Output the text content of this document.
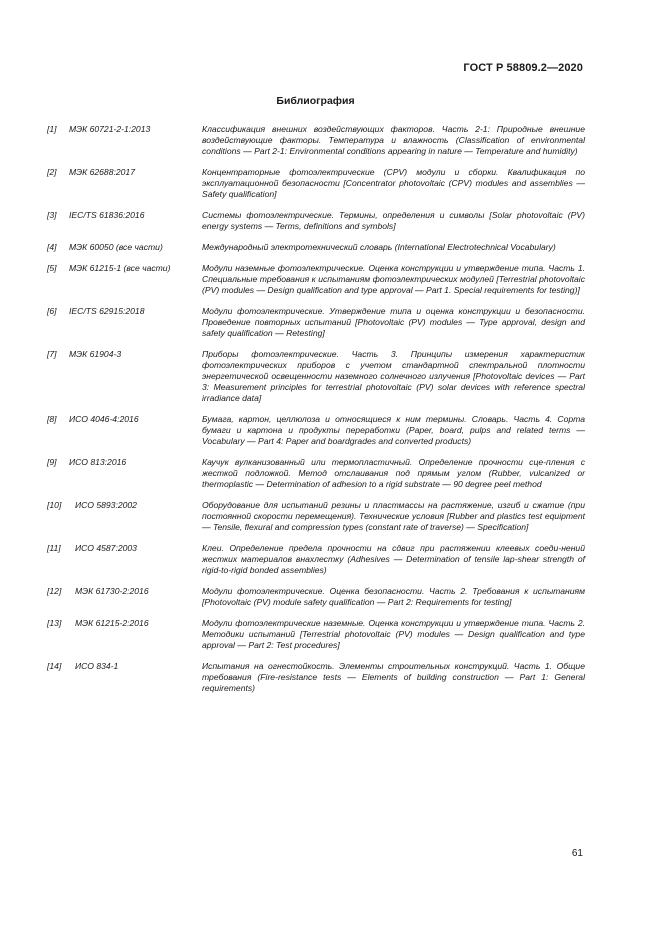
ГОСТ Р 58809.2—2020
Библиография
[1] МЭК 60721-2-1:2013	Классификация внешних воздействующих факторов. Часть 2-1: Природные внешние воздействующие факторы. Температура и влажность (Classification of environmental conditions — Part 2-1: Environmental conditions appearing in nature — Temperature and humidity)
[2] МЭК 62688:2017	Концентраторные фотоэлектрические (CPV) модули и сборки. Квалификация по эксплуатационной безопасности [Concentrator photovoltaic (CPV) modules and assemblies — Safety qualification]
[3] IEC/TS 61836:2016	Системы фотоэлектрические. Термины, определения и символы [Solar photovoltaic (PV) energy systems — Terms, definitions and symbols]
[4] МЭК 60050 (все части)	Международный электротехнический словарь (International Electrotechnical Vocabulary)
[5] МЭК 61215-1 (все части)	Модули наземные фотоэлектрические. Оценка конструкции и утверждение типа. Часть 1. Специальные требования к испытаниям фотоэлектрических модулей [Terrestrial photovoltaic (PV) modules — Design qualification and type approval — Part 1. Special requirements for testing)]
[6] IEC/TS 62915:2018	Модули фотоэлектрические. Утверждение типа и оценка конструкции и безопасности. Проведение повторных испытаний [Photovoltaic (PV) modules — Type approval, design and safety qualification — Retesting]
[7] МЭК 61904-3	Приборы фотоэлектрические. Часть 3. Принципы измерения характеристик фотоэлектрических приборов с учетом стандартной спектральной плотности энергетической освещенности наземного солнечного излучения [Photovoltaic devices — Part 3: Measurement principles for terrestrial photovoltaic (PV) solar devices with reference spectral irradiance data]
[8] ИСО 4046-4:2016	Бумага, картон, целлюлоза и относящиеся к ним термины. Словарь. Часть 4. Сорта бумаги и картона и продукты переработки (Paper, board, pulps and related terms — Vocabulary — Part 4: Paper and boardgrades and converted products)
[9] ИСО 813:2016	Каучук вулканизованный или термопластичный. Определение прочности сце-пления с жесткой подложкой. Метод отслаивания под прямым углом (Rubber, vulcanized or thermoplastic — Determination of adhesion to a rigid substrate — 90 degree peel method
[10] ИСО 5893:2002	Оборудование для испытаний резины и пластмассы на растяжение, изгиб и сжатие (при постоянной скорости перемещения). Технические условия [Rubber and plastics test equipment — Tensile, flexural and compression types (constant rate of traverse) — Specification]
[11] ИСО 4587:2003	Клеи. Определение предела прочности на сдвиг при растяжении клеевых соеди-нений жестких материалов внахлестку (Adhesives — Determination of tensile lap-shear strength of rigid-to-rigid bonded assemblies)
[12] МЭК 61730-2:2016	Модули фотоэлектрические. Оценка безопасности. Часть 2. Требования к испытаниям [Photovoltaic (PV) module safety qualification — Part 2: Requirements for testing]
[13] МЭК 61215-2:2016	Модули фотоэлектрические наземные. Оценка конструкции и утверждение типа. Часть 2. Методики испытаний [Terrestrial photovoltaic (PV) modules — Design qualification and type approval — Part 2: Test procedures]
[14] ИСО 834-1	Испытания на огнестойкость. Элементы строительных конструкций. Часть 1. Общие требования (Fire-resistance tests — Elements of building construction — Part 1: General requirements)
61
